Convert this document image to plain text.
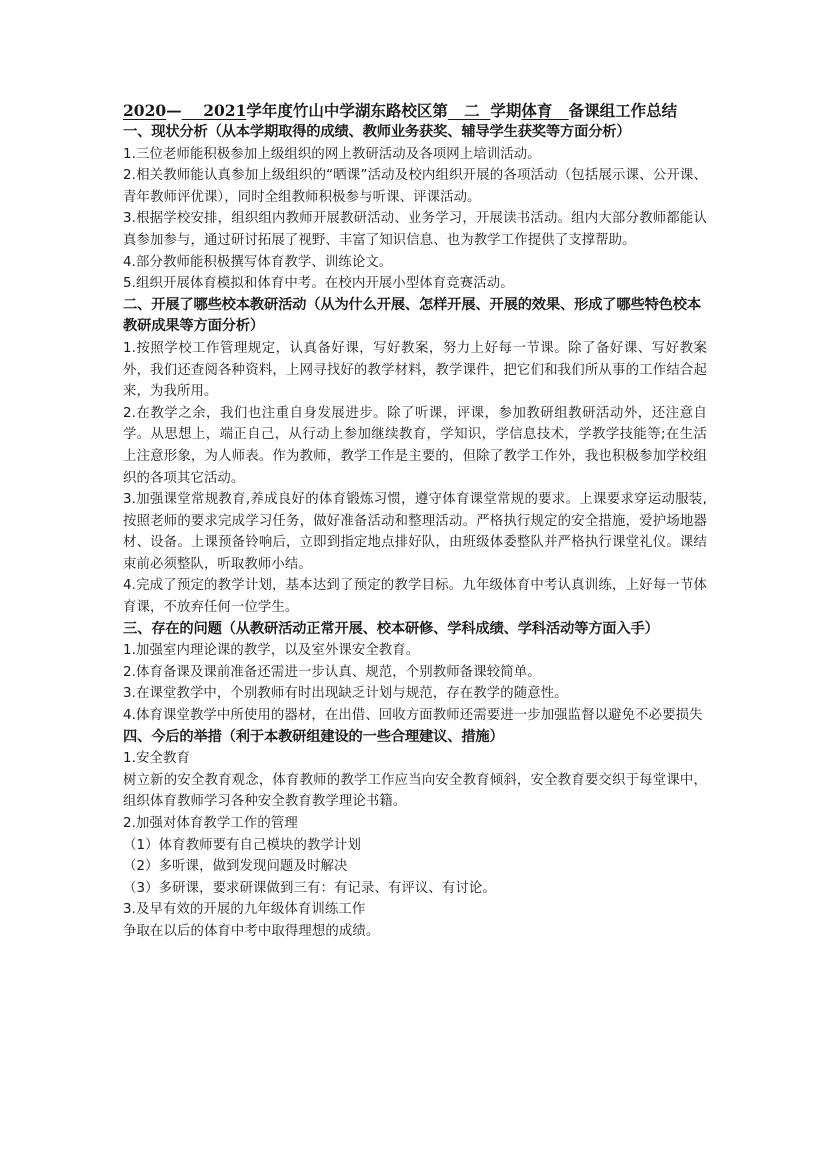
2020— 2021学年度竹山中学湖东路校区第 二 学期体育 备课组工作总结

一、现状分析（从本学期取得的成绩、教师业务获奖、辅导学生获奖等方面分析）

1.三位老师能积极参加上级组织的网上教研活动及各项网上培训活动。

2.相关教师能认真参加上级组织的“晒课”活动及校内组织开展的各项活动（包括展示课、公开课、青年教师评优课），同时全组教师积极参与听课、评课活动。

3.根据学校安排，组织组内教师开展教研活动、业务学习，开展读书活动。组内大部分教师都能认真参加参与，通过研讨拓展了视野、丰富了知识信息、也为教学工作提供了支撑帮助。

4.部分教师能积极撰写体育教学、训练论文。

5.组织开展体育模拟和体育中考。在校内开展小型体育竞赛活动。

二、开展了哪些校本教研活动（从为什么开展、怎样开展、开展的效果、形成了哪些特色校本教研成果等方面分析）

1.按照学校工作管理规定，认真备好课，写好教案，努力上好每一节课。除了备好课、写好教案外，我们还查阅各种资料，上网寻找好的教学材料，教学课件，把它们和我们所从事的工作结合起来，为我所用。

2.在教学之余，我们也注重自身发展进步。除了听课，评课，参加教研组教研活动外，还注意自学。从思想上，端正自己，从行动上参加继续教育，学知识，学信息技术，学教学技能等;在生活上注意形象，为人师表。作为教师，教学工作是主要的，但除了教学工作外，我也积极参加学校组织的各项其它活动。

3.加强课堂常规教育,养成良好的体育锻炼习惯，遵守体育课堂常规的要求。上课要求穿运动服装,按照老师的要求完成学习任务，做好准备活动和整理活动。严格执行规定的安全措施，爱护场地器材、设备。上课预备铃响后，立即到指定地点排好队，由班级体委整队并严格执行课堂礼仪。课结束前必须整队，听取教师小结。

4.完成了预定的教学计划，基本达到了预定的教学目标。九年级体育中考认真训练，上好每一节体育课，不放弃任何一位学生。

三、存在的问题（从教研活动正常开展、校本研修、学科成绩、学科活动等方面入手）

1.加强室内理论课的教学，以及室外课安全教育。

2.体育备课及课前准备还需进一步认真、规范，个别教师备课较简单。

3.在课堂教学中，个别教师有时出现缺乏计划与规范，存在教学的随意性。

4.体育课堂教学中所使用的器材，在出借、回收方面教师还需要进一步加强监督以避免不必要损失

四、今后的举措（利于本教研组建设的一些合理建议、措施）

1.安全教育

树立新的安全教育观念，体育教师的教学工作应当向安全教育倾斜，安全教育要交织于每堂课中，组织体育教师学习各种安全教育教学理论书籍。

2.加强对体育教学工作的管理

（1）体育教师要有自己模块的教学计划

（2）多听课，做到发现问题及时解决

（3）多研课，要求研课做到三有：有记录、有评议、有讨论。

3.及早有效的开展的九年级体育训练工作

争取在以后的体育中考中取得理想的成绩。
